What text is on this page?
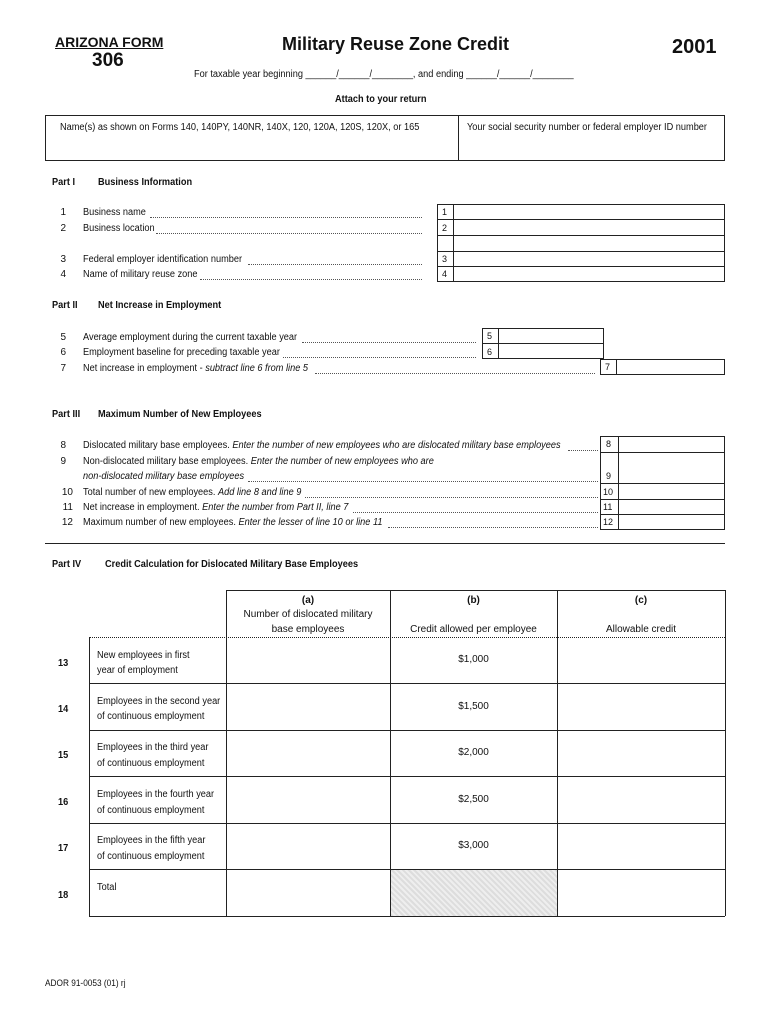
ARIZONA FORM
306
Military Reuse Zone Credit	2001
For taxable year beginning ______/______/________, and ending ______/______/________
Attach to your return
Name(s) as shown on Forms 140, 140PY, 140NR, 140X, 120, 120A, 120S, 120X, or 165	Your social security number or federal employer ID number
Part I Business Information
1 Business name
2 Business location
3 Federal employer identification number
4 Name of military reuse zone
1
2
3
4
Part II Net Increase in Employment
5 Average employment during the current taxable year
6 Employment baseline for preceding taxable year
7 Net increase in employment - subtract line 6 from line 5
5
6
7
Part III Maximum Number of New Employees
8 Dislocated military base employees. Enter the number of new employees who are dislocated military base employees
9 Non-dislocated military base employees. Enter the number of new employees who are
non-dislocated military base employees
10 Total number of new employees. Add line 8 and line 9
11 Net increase in employment. Enter the number from Part II, line 7
12 Maximum number of new employees. Enter the lesser of line 10 or line 11
8
9
10
11
12
Part IV Credit Calculation for Dislocated Military Base Employees
(a)
Number of dislocated military
base employees
(b)
Credit allowed per employee
(c)
Allowable credit
13
New employees in first
year of employment
$1,000
14
Employees in the second year
of continuous employment
$1,500
15
Employees in the third year
of continuous employment
$2,000
16
Employees in the fourth year
of continuous employment
$2,500
17
Employees in the fifth year
of continuous employment
$3,000
18
Total
ADOR 91-0053 (01) rj
